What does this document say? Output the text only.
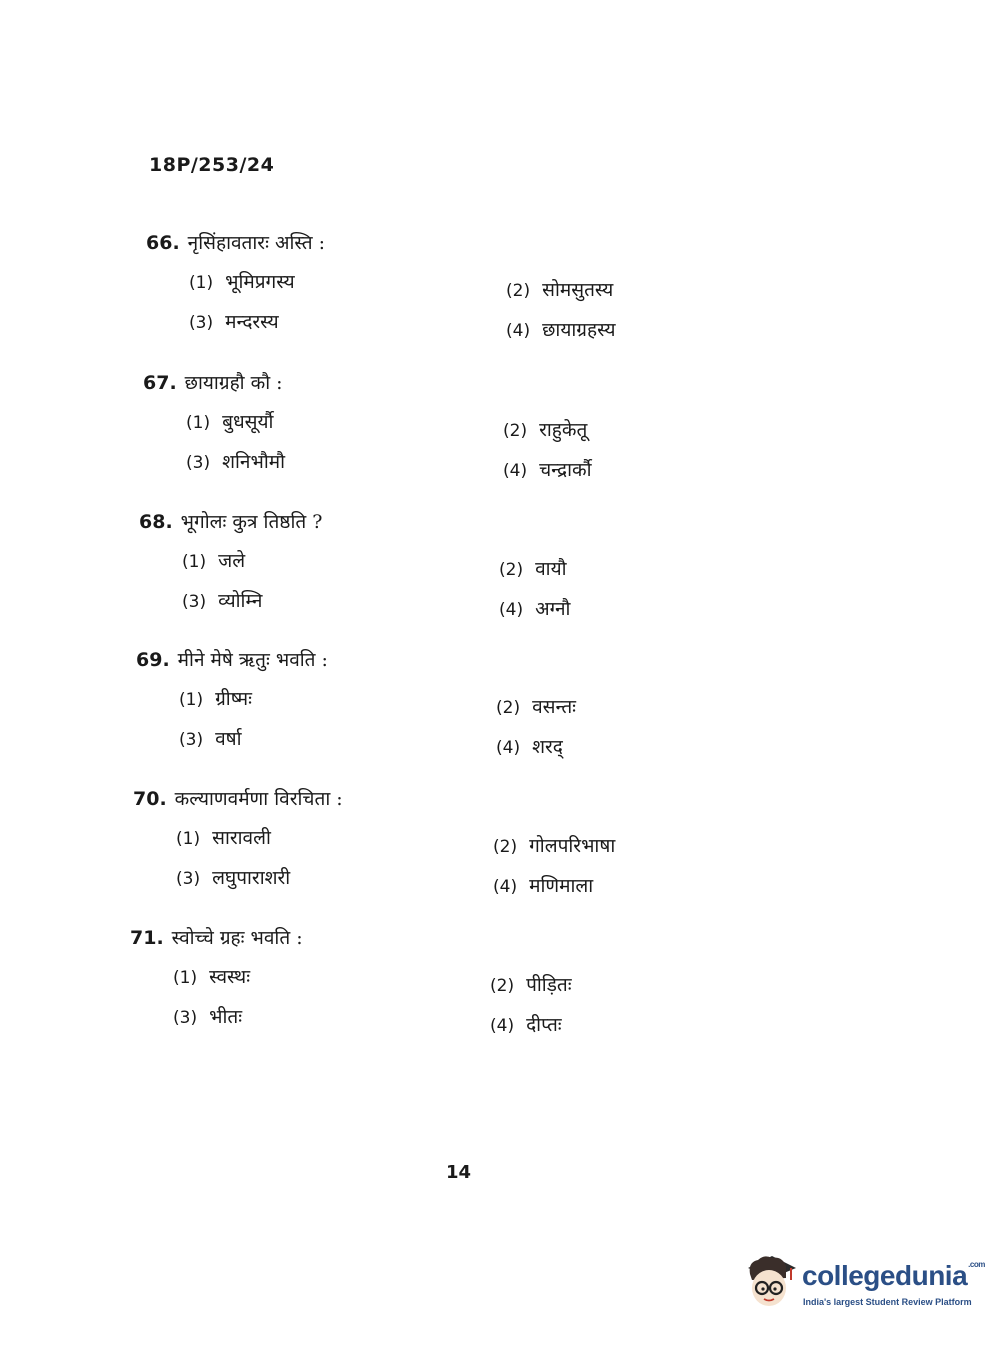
18P/253/24
66. नृसिंहावतारः अस्ति :
(1) भूमिप्रगस्य	(2) सोमसुतस्य
(3) मन्दरस्य	(4) छायाग्रहस्य
67. छायाग्रहौ कौ :
(1) बुधसूर्यौ	(2) राहुकेतू
(3) शनिभौमौ	(4) चन्द्रार्कौ
68. भूगोलः कुत्र तिष्ठति ?
(1) जले	(2) वायौ
(3) व्योम्नि	(4) अग्नौ
69. मीने मेषे ऋतुः भवति :
(1) ग्रीष्मः	(2) वसन्तः
(3) वर्षा	(4) शरद्
70. कल्याणवर्मणा विरचिता :
(1) सारावली	(2) गोलपरिभाषा
(3) लघुपाराशरी	(4) मणिमाला
71. स्वोच्चे ग्रहः भवति :
(1) स्वस्थः	(2) पीड़ितः
(3) भीतः	(4) दीप्तः
14
collegedunia$^{.com}$
India's largest Student Review Platform
